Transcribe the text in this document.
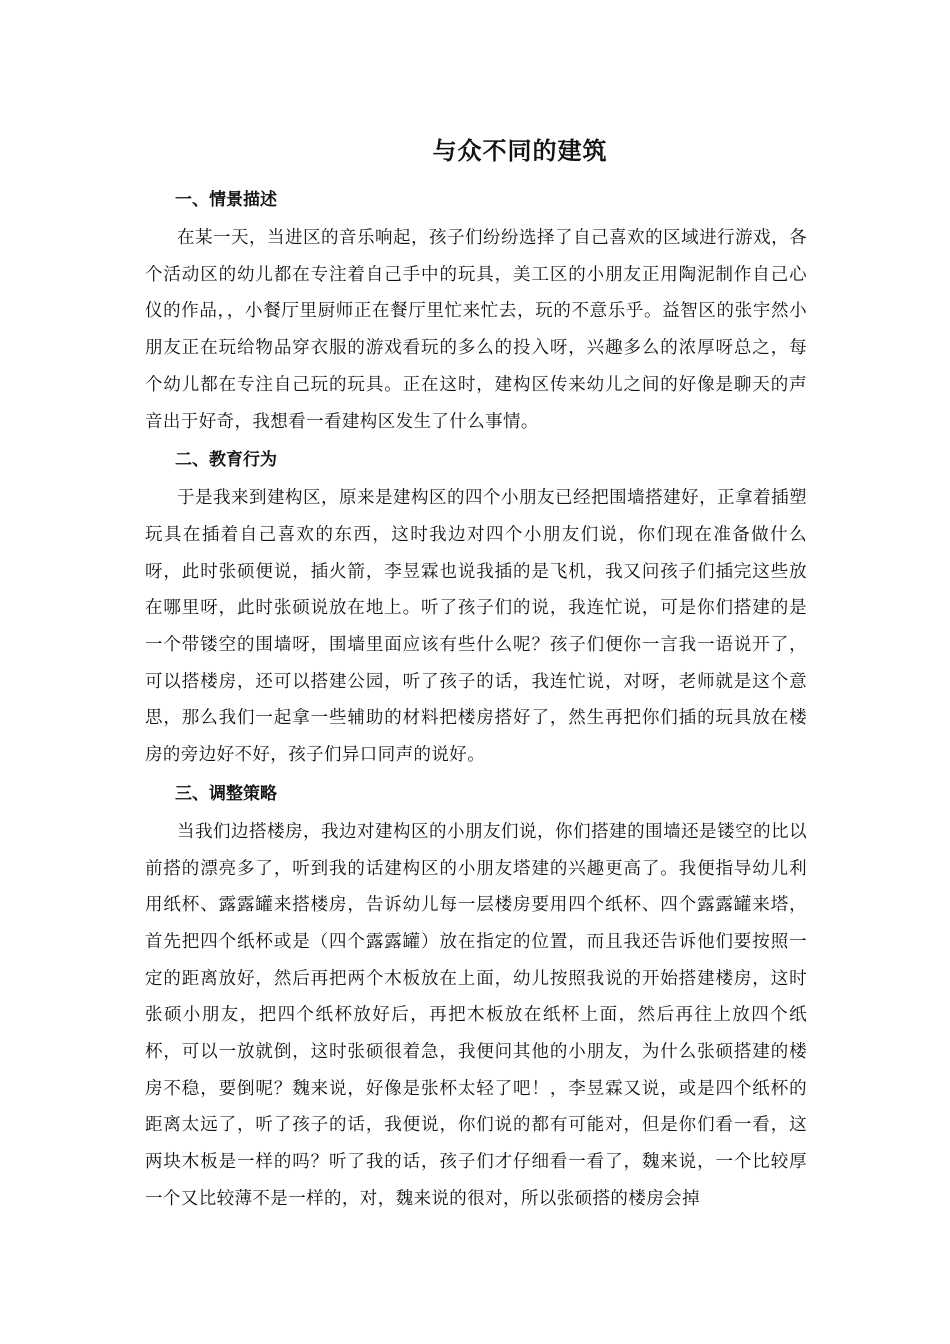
与众不同的建筑
一、情景描述

在某一天，当进区的音乐响起，孩子们纷纷选择了自己喜欢的区域进行游戏，各个活动区的幼儿都在专注着自己手中的玩具，美工区的小朋友正用陶泥制作自己心仪的作品，，小餐厅里厨师正在餐厅里忙来忙去，玩的不意乐乎。益智区的张宇然小朋友正在玩给物品穿衣服的游戏看玩的多么的投入呀，兴趣多么的浓厚呀总之，每个幼儿都在专注自己玩的玩具。正在这时，建构区传来幼儿之间的好像是聊天的声音出于好奇，我想看一看建构区发生了什么事情。

二、教育行为

于是我来到建构区，原来是建构区的四个小朋友已经把围墙搭建好，正拿着插塑玩具在插着自己喜欢的东西，这时我边对四个小朋友们说，你们现在准备做什么呀，此时张硕便说，插火箭，李昱霖也说我插的是飞机，我又问孩子们插完这些放在哪里呀，此时张硕说放在地上。听了孩子们的说，我连忙说，可是你们搭建的是一个带镂空的围墙呀，围墙里面应该有些什么呢？孩子们便你一言我一语说开了，可以搭楼房，还可以搭建公园，听了孩子的话，我连忙说，对呀，老师就是这个意思，那么我们一起拿一些辅助的材料把楼房搭好了，然生再把你们插的玩具放在楼房的旁边好不好，孩子们异口同声的说好。

三、调整策略

当我们边搭楼房，我边对建构区的小朋友们说，你们搭建的围墙还是镂空的比以前搭的漂亮多了，听到我的话建构区的小朋友塔建的兴趣更高了。我便指导幼儿利用纸杯、露露罐来搭楼房，告诉幼儿每一层楼房要用四个纸杯、四个露露罐来塔，首先把四个纸杯或是（四个露露罐）放在指定的位置，而且我还告诉他们要按照一定的距离放好，然后再把两个木板放在上面，幼儿按照我说的开始搭建楼房，这时张硕小朋友，把四个纸杯放好后，再把木板放在纸杯上面，然后再往上放四个纸杯，可以一放就倒，这时张硕很着急，我便问其他的小朋友，为什么张硕搭建的楼房不稳，要倒呢？魏来说，好像是张杯太轻了吧！，李昱霖又说，或是四个纸杯的距离太远了，听了孩子的话，我便说，你们说的都有可能对，但是你们看一看，这两块木板是一样的吗？听了我的话，孩子们才仔细看一看了，魏来说，一个比较厚一个又比较薄不是一样的，对，魏来说的很对，所以张硕搭的楼房会掉
